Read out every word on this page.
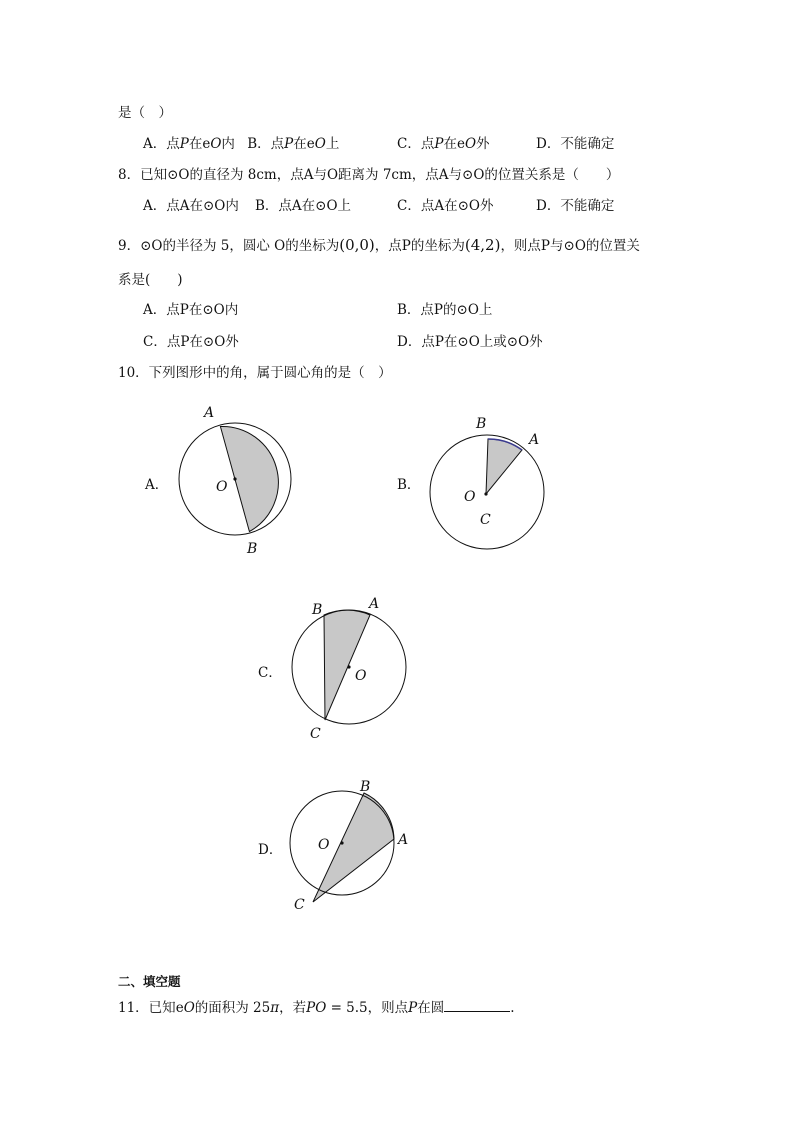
是（　）
A．点P在eO内 B．点P在eO上	C．点P在eO外	D．不能确定
8．已知⊙O的直径为 8cm，点A与O距离为 7cm，点A与⊙O的位置关系是（　　）
A．点A在⊙O内 B．点A在⊙O上	C．点A在⊙O外	D．不能确定
9．⊙O的半径为 5，圆心 O的坐标为(0,0)，点P的坐标为(4,2)，则点P与⊙O的位置关
系是(　　)
A．点P在⊙O内	B．点P的⊙O上
C．点P在⊙O外	D．点P在⊙O上或⊙O外
10．下列图形中的角，属于圆心角的是（　）
A．
A
B
O	B．
B
A
O
C
C．
B	A
O
C
D．
B
A
O
C
二、填空题
11．已知eO的面积为 25π，若PO = 5.5，则点P在圆	.
